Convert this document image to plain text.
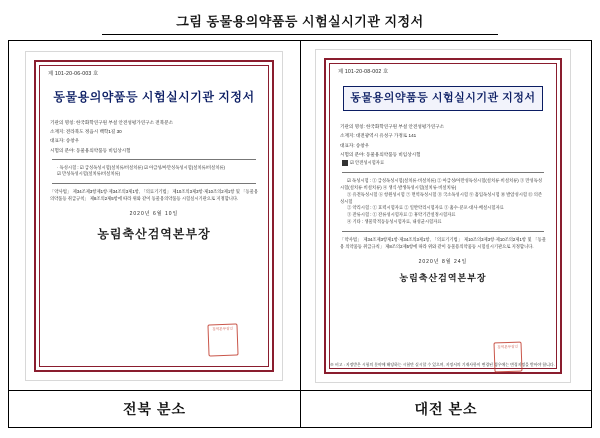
그림 동물용의약품등 시험실시기관 지정서
제 101-20-06-003 호
동물용의약품등 시험실시기관 지정서
기관의 명칭: 한국화학연구원 부설 안전성평가연구소 전북분소
소재지: 전라북도 정읍시 백학1길 30
대표자: 송창우
시험의 분야: 동물용의약품등 비임상시험
· 독성시험 : ☑ 급성독성시험(설치류/비설치류) ☑ 아급성/아만성독성시험(설치류/비설치류)
☑ 만성독성시험(설치류/비설치류)
「약사법」 제34조제3항제1항·제34조의3제1항, 「의료기기법」 제10조의3제3항·제10조의2제1항 및 「동물용 의약품등 취급규칙」 제8조의2제5항에 따라 위와 같이 동물용의약품등 시험실시기관으로 지정합니다.
2020년 6월 10일
농림축산검역본부장
검역본부장인
제 101-20-08-002 호
동물용의약품등 시험실시기관 지정서
기관의 명칭: 한국화학연구원 부설 안전성평가연구소
소재지: 대전광역시 유성구 가정로 141
대표자: 송창우
시험의 분야: 동물용의약품등 비임상시험
☑ 안전성시험자료
☑ 독성시험 : ① 급성독성시험(설치류·비설치류) ② 아급성/아만성독성시험(설치류·비설치류) ③ 만성독성시험(설치류·비설치류) ④ 생식·발생독성시험(설치류·비설치류)
⑤ 유전독성시험 ⑥ 항원성시험 ⑦ 면역독성시험 ⑧ 국소독성시험 ⑨ 흡입독성시험 ⑩ 발암성시험 ⑪ 의존성시험
② 약리시험 : ① 효력시험자료 ② 일반약리시험자료 ③ 흡수·분포·대사·배설시험자료
③ 잔류시험 : ① 잔류성시험자료 ② 휴약기간설정시험자료
④ 기타 : 생물학적동등성시험자료, 내성균시험자료
「약사법」 제34조제3항제1항·제34조의3제1항, 「의료기기법」 제10조의3제3항·제10조의2제1항 및 「동물용 의약품등 취급규칙」 제8조의2제5항에 따라 위와 같이 동물용의약품등 시험실시기관으로 지정합니다.
2020년 8월 24일
농림축산검역본부장
검역본부장인
※ 비고 : 지정받은 시험의 분야에 해당하는 시험만 실시할 수 있으며, 지정서의 기재사항이 변경된 경우에는 변경지정을 받아야 합니다.
전북 분소	대전 본소
